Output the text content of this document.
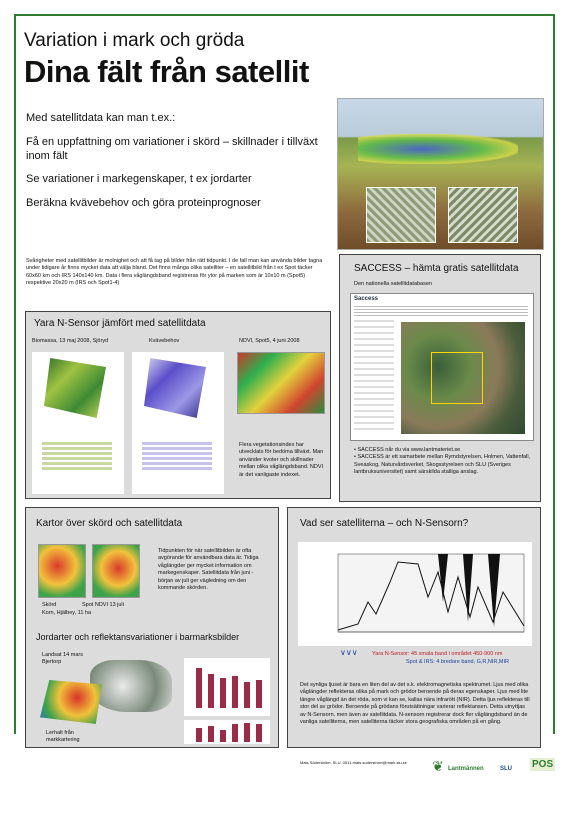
Variation i mark och gröda
Dina fält från satellit

Med satellitdata kan man t.ex.:

Få en uppfattning om variationer i skörd – skillnader i tillväxt inom fält

Se variationer i markegenskaper, t ex jordarter

Beräkna kvävebehov och göra proteinprognoser

Svårigheter med satellitbilder är molnighet och att få tag på bilder från rätt tidpunkt. I de fall man kan använda bilder tagna under tidigare år finns mycket data att välja bland. Det finns många olika satelliter – en satellitbild från t ex Spot täcker 60x60 km och IRS 140x140 km. Data i flera våglängdsband registreras för ytor på marken som är 10x10 m (Spot5) respektive 20x20 m (IRS och Spot1-4)
Yara N-Sensor jämfört med satellitdata
Biomassa, 13 maj 2008, Sjöryd	Kvävebehov	NDVI, Spot5, 4 juni 2008
Flera vegetationsindex har utvecklats för bedöma tillväxt. Man använder kvoter och skillnader mellan olika våglängdsband. NDVI är det vanligaste indexet.
SACCESS – hämta gratis satellitdata
Den nationella satellitdatabasen
Saccess
• SACCESS når du via www.lantmateriet.se
• SACCESS är ett samarbete mellan Rymdstyrelsen, Holmen, Vattenfall, Sveaskog, Naturvårdsverket, Skogsstyrelsen och SLU (Sveriges lantbruksuniversitet) samt särskilda statliga anslag.
Kartor över skörd och satellitdata
Skörd	Spot NDVI 13 juli
Korn, Hjälbey, 11 ha
Tidpunkten för när satellitbilden är ofta avgörande för användbara data är. Tidiga våglängder ger mycket information om markegenskaper. Satellitdata från juni - början av juli ger vägledning om den kommande skörden.
Jordarter och reflektansvariationer i barmarksbilder
Landsat 14 mars
Bjertorp
Lerhalt från markkartering
Vad ser satelliterna – och N-Sensorn?
∨∨∨	Yara N-Sensor: 45 smala band i området 450-900 nm
Spot & IRS: 4 bredare band, G,R,NIR,MIR
Det synliga ljuset är bara en liten del av det s.k. elektromagnetiska spektrumet. Ljus med olika våglängder reflekteras olika på mark och grödor beroende på deras egenskaper. Ljus med lite längre våglängd än det röda, som vi kan se, kallas nära infrarött (NIR). Detta ljus reflekteras till stor del av grödor. Beroende på grödans förutsättningar varierar reflektansen. Detta utnyttjas av N-Sensorn, men även av satellitdata. N-sensorn registrerar dock fler våglängdsband än de vanliga satelliterna, men satelliterna täcker stora geografiska områden på en gång.
Mats Söderström, SLU, 0511-mats.soderstrom@mark.slu.se ❦ Lantmännen	SLU POS
